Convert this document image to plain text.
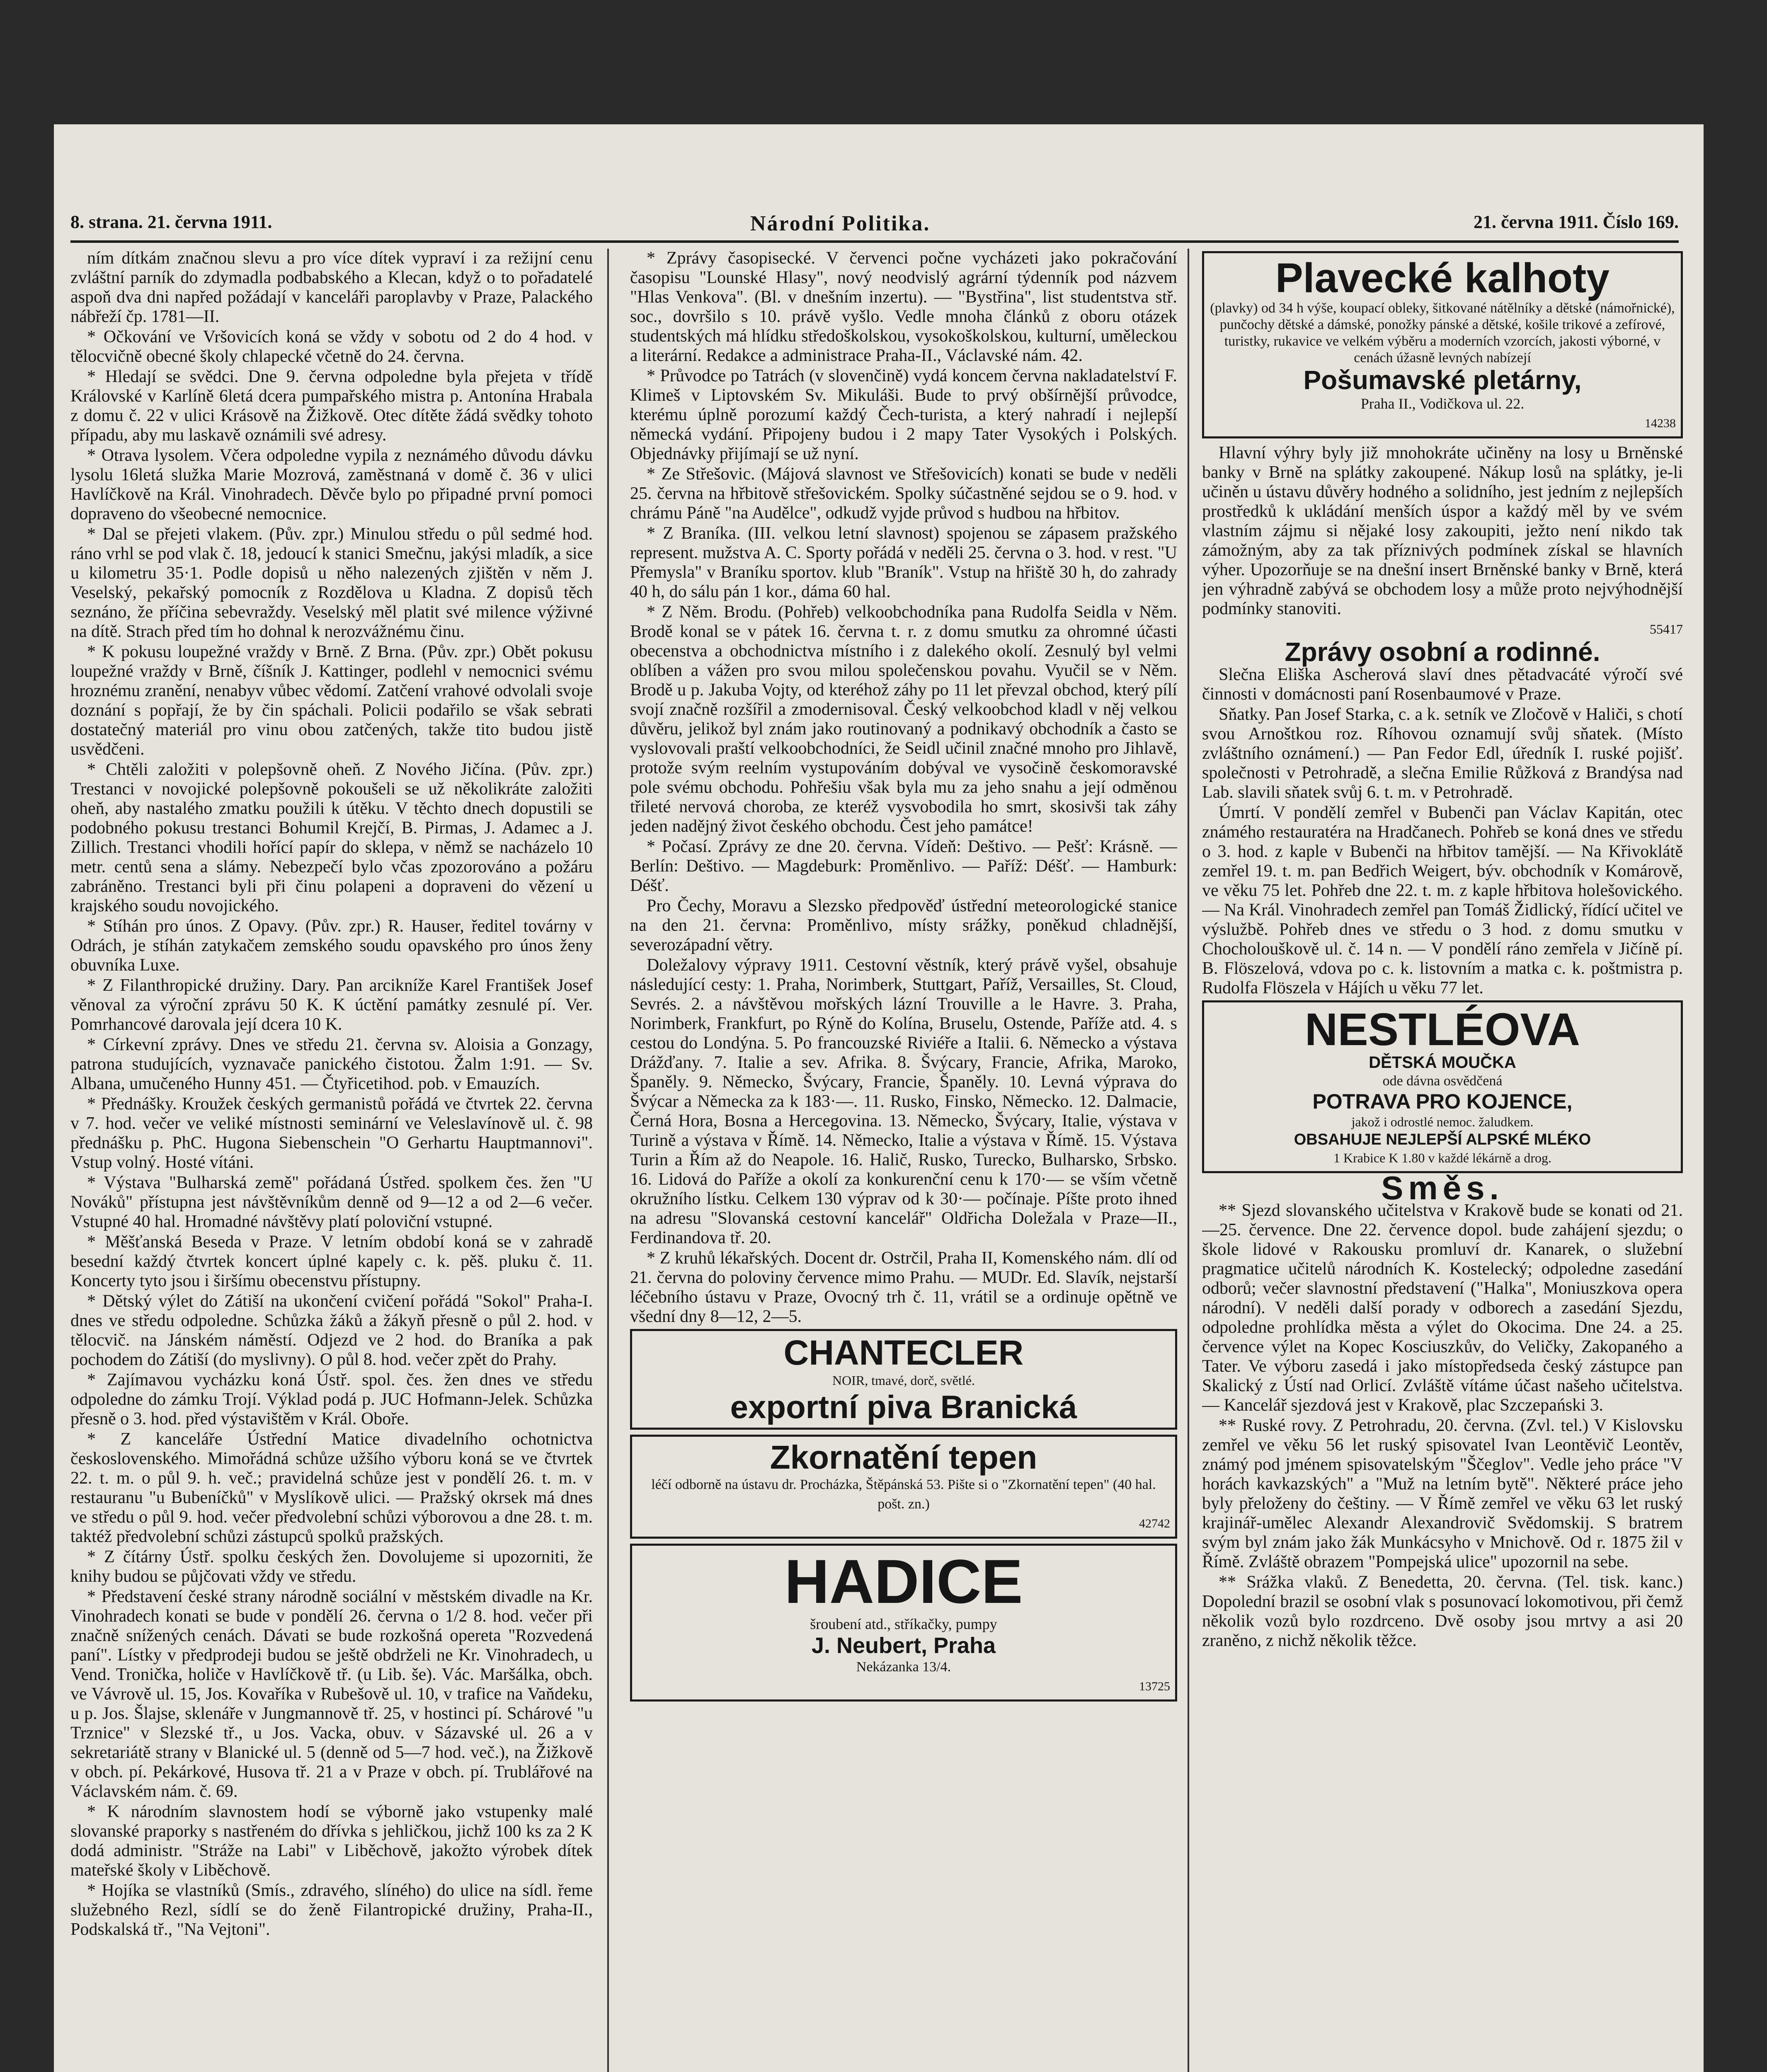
8. strana. 21. června 1911.	Národní Politika.	21. června 1911. Číslo 169.

ním dítkám značnou slevu a pro více dítek vypraví i za režijní cenu zvláštní parník do zdymadla podbabského a Klecan, když o to pořadatelé aspoň dva dni napřed požádají v kanceláři paroplavby v Praze, Palackého nábřeží čp. 1781—II.

* Očkování ve Vršovicích koná se vždy v sobotu od 2 do 4 hod. v tělocvičně obecné školy chlapecké včetně do 24. června.

* Hledají se svědci. Dne 9. června odpoledne byla přejeta v třídě Královské v Karlíně 6letá dcera pumpařského mistra p. Antonína Hrabala z domu č. 22 v ulici Krásově na Žižkově. Otec dítěte žádá svědky tohoto případu, aby mu laskavě oznámili své adresy.

* Otrava lysolem. Včera odpoledne vypila z neznámého důvodu dávku lysolu 16letá služka Marie Mozrová, zaměstnaná v domě č. 36 v ulici Havlíčkově na Král. Vinohradech. Děvče bylo po připadné první pomoci dopraveno do všeobecné nemocnice.

* Dal se přejeti vlakem. (Pův. zpr.) Minulou středu o půl sedmé hod. ráno vrhl se pod vlak č. 18, jedoucí k stanici Smečnu, jakýsi mladík, a sice u kilometru 35·1. Podle dopisů u něho nalezených zjištěn v něm J. Veselský, pekařský pomocník z Rozdělova u Kladna. Z dopisů těch seznáno, že příčina sebevraždy. Veselský měl platit své milence výživné na dítě. Strach před tím ho dohnal k nerozvážnému činu.

* K pokusu loupežné vraždy v Brně. Z Brna. (Pův. zpr.) Obět pokusu loupežné vraždy v Brně, číšník J. Kattinger, podlehl v nemocnici svému hroznému zranění, nenabyv vůbec vědomí. Zatčení vrahové odvolali svoje doznání s popřají, že by čin spáchali. Policii podařilo se však sebrati dostatečný materiál pro vinu obou zatčených, takže tito budou jistě usvědčeni.

* Chtěli založiti v polepšovně oheň. Z Nového Jičína. (Pův. zpr.) Trestanci v novojické polepšovně pokoušeli se už několikráte založiti oheň, aby nastalého zmatku použili k útěku. V těchto dnech dopustili se podobného pokusu trestanci Bohumil Krejčí, B. Pirmas, J. Adamec a J. Zillich. Trestanci vhodili hořící papír do sklepa, v němž se nacházelo 10 metr. centů sena a slámy. Nebezpečí bylo včas zpozorováno a požáru zabráněno. Trestanci byli při činu polapeni a dopraveni do vězení u krajského soudu novojického.

* Stíhán pro únos. Z Opavy. (Pův. zpr.) R. Hauser, ředitel továrny v Odrách, je stíhán zatykačem zemského soudu opavského pro únos ženy obuvníka Luxe.

* Z Filanthropické družiny. Dary. Pan arcikníže Karel František Josef věnoval za výroční zprávu 50 K. K úctění památky zesnulé pí. Ver. Pomrhancové darovala její dcera 10 K.

* Církevní zprávy. Dnes ve středu 21. června sv. Aloisia a Gonzagy, patrona studujících, vyznavače panického čistotou. Žalm 1:91. — Sv. Albana, umučeného Hunny 451. — Čtyřicetihod. pob. v Emauzích.

* Přednášky. Kroužek českých germanistů pořádá ve čtvrtek 22. června v 7. hod. večer ve veliké místnosti seminární ve Veleslavínově ul. č. 98 přednášku p. PhC. Hugona Siebenschein "O Gerhartu Hauptmannovi". Vstup volný. Hosté vítáni.

* Výstava "Bulharská země" pořádaná Ústřed. spolkem čes. žen "U Nováků" přístupna jest návštěvníkům denně od 9—12 a od 2—6 večer. Vstupné 40 hal. Hromadné návštěvy platí poloviční vstupné.

* Měšťanská Beseda v Praze. V letním období koná se v zahradě besední každý čtvrtek koncert úplné kapely c. k. pěš. pluku č. 11. Koncerty tyto jsou i širšímu obecenstvu přístupny.

* Dětský výlet do Zátiší na ukončení cvičení pořádá "Sokol" Praha-I. dnes ve středu odpoledne. Schůzka žáků a žákyň přesně o půl 2. hod. v tělocvič. na Jánském náměstí. Odjezd ve 2 hod. do Braníka a pak pochodem do Zátiší (do myslivny). O půl 8. hod. večer zpět do Prahy.

* Zajímavou vycházku koná Ústř. spol. čes. žen dnes ve středu odpoledne do zámku Trojí. Výklad podá p. JUC Hofmann-Jelek. Schůzka přesně o 3. hod. před výstavištěm v Král. Oboře.

* Z kanceláře Ústřední Matice divadelního ochotnictva československého. Mimořádná schůze užšího výboru koná se ve čtvrtek 22. t. m. o půl 9. h. več.; pravidelná schůze jest v pondělí 26. t. m. v restauranu "u Bubeníčků" v Myslíkově ulici. — Pražský okrsek má dnes ve středu o půl 9. hod. večer předvolební schůzi výborovou a dne 28. t. m. taktéž předvolební schůzi zástupců spolků pražských.

* Z čítárny Ústř. spolku českých žen. Dovolujeme si upozorniti, že knihy budou se půjčovati vždy ve středu.

* Představení české strany národně sociální v městském divadle na Kr. Vinohradech konati se bude v pondělí 26. června o 1/2 8. hod. večer při značně snížených cenách. Dávati se bude rozkošná opereta "Rozvedená paní". Lístky v předprodeji budou se ještě obdrželi ne Kr. Vinohradech, u Vend. Tronička, holiče v Havlíčkově tř. (u Lib. še). Vác. Maršálka, obch. ve Vávrově ul. 15, Jos. Kovaříka v Rubešově ul. 10, v trafice na Vaňdeku, u p. Jos. Šlajse, sklenáře v Jungmannově tř. 25, v hostinci pí. Schárové "u Trznice" v Slezské tř., u Jos. Vacka, obuv. v Sázavské ul. 26 a v sekretariátě strany v Blanické ul. 5 (denně od 5—7 hod. več.), na Žižkově v obch. pí. Pekárkové, Husova tř. 21 a v Praze v obch. pí. Trublářové na Václavském nám. č. 69.

* K národním slavnostem hodí se výborně jako vstupenky malé slovanské praporky s nastřeném do dřívka s jehličkou, jichž 100 ks za 2 K dodá administr. "Stráže na Labi" v Liběchově, jakožto výrobek dítek mateřské školy v Liběchově.

* Hojíka se vlastníků (Smís., zdravého, slíného) do ulice na sídl. řeme služebného Rezl, sídlí se do ženě Filantropické družiny, Praha-II., Podskalská tř., "Na Vejtoni".

* Zprávy časopisecké. V červenci počne vycházeti jako pokračování časopisu "Lounské Hlasy", nový neodvislý agrární týdenník pod názvem "Hlas Venkova". (Bl. v dnešním inzertu). — "Bystřina", list studentstva stř. soc., dovršilo s 10. právě vyšlo. Vedle mnoha článků z oboru otázek studentských má hlídku středoškolskou, vysokoškolskou, kulturní, uměleckou a literární. Redakce a administrace Praha-II., Václavské nám. 42.

* Průvodce po Tatrách (v slovenčině) vydá koncem června nakladatelství F. Klimeš v Liptovském Sv. Mikuláši. Bude to prvý obšírnější průvodce, kterému úplně porozumí každý Čech-turista, a který nahradí i nejlepší německá vydání. Připojeny budou i 2 mapy Tater Vysokých i Polských. Objednávky přijímají se už nyní.

* Ze Střešovic. (Májová slavnost ve Střešovicích) konati se bude v neděli 25. června na hřbitově střešovickém. Spolky súčastněné sejdou se o 9. hod. v chrámu Páně "na Audělce", odkudž vyjde průvod s hudbou na hřbitov.

* Z Braníka. (III. velkou letní slavnost) spojenou se zápasem pražského represent. mužstva A. C. Sporty pořádá v neděli 25. června o 3. hod. v rest. "U Přemysla" v Braníku sportov. klub "Braník". Vstup na hřiště 30 h, do zahrady 40 h, do sálu pán 1 kor., dáma 60 hal.

* Z Něm. Brodu. (Pohřeb) velkoobchodníka pana Rudolfa Seidla v Něm. Brodě konal se v pátek 16. června t. r. z domu smutku za ohromné účasti obecenstva a obchodnictva místního i z dalekého okolí. Zesnulý byl velmi oblíben a vážen pro svou milou společenskou povahu. Vyučil se v Něm. Brodě u p. Jakuba Vojty, od kteréhož záhy po 11 let převzal obchod, který pílí svojí značně rozšířil a zmodernisoval. Český velkoobchod kladl v něj velkou důvěru, jelikož byl znám jako routinovaný a podnikavý obchodník a často se vyslovovali praští velkoobchodníci, že Seidl učinil značné mnoho pro Jihlavě, protože svým reelním vystupováním dobýval ve vysočině českomoravské pole svému obchodu. Pohřešiu však byla mu za jeho snahu a její odměnou třileté nervová choroba, ze kteréž vysvobodila ho smrt, skosivši tak záhy jeden nadějný život českého obchodu. Čest jeho památce!

* Počasí. Zprávy ze dne 20. června. Vídeň: Deštivo. — Pešť: Krásně. — Berlín: Deštivo. — Magdeburk: Proměnlivo. — Paříž: Déšť. — Hamburk: Déšť.

Pro Čechy, Moravu a Slezsko předpověď ústřední meteorologické stanice na den 21. června: Proměnlivo, místy srážky, poněkud chladnější, severozápadní větry.

Doležalovy výpravy 1911. Cestovní věstník, který právě vyšel, obsahuje následující cesty: 1. Praha, Norimberk, Stuttgart, Paříž, Versailles, St. Cloud, Sevrés. 2. a návštěvou mořských lázní Trouville a le Havre. 3. Praha, Norimberk, Frankfurt, po Rýně do Kolína, Bruselu, Ostende, Paříže atd. 4. s cestou do Londýna. 5. Po francouzské Riviéře a Italii. 6. Německo a výstava Drážďany. 7. Italie a sev. Afrika. 8. Švýcary, Francie, Afrika, Maroko, Španěly. 9. Německo, Švýcary, Francie, Španěly. 10. Levná výprava do Švýcar a Německa za k 183·—. 11. Rusko, Finsko, Německo. 12. Dalmacie, Černá Hora, Bosna a Hercegovina. 13. Německo, Švýcary, Italie, výstava v Turině a výstava v Římě. 14. Německo, Italie a výstava v Římě. 15. Výstava Turin a Řím až do Neapole. 16. Halič, Rusko, Turecko, Bulharsko, Srbsko. 16. Lidová do Paříže a okolí za konkurenční cenu k 170·— se vším včetně okružního lístku. Celkem 130 výprav od k 30·— počínaje. Píšte proto ihned na adresu "Slovanská cestovní kancelář" Oldřicha Doležala v Praze—II., Ferdinandova tř. 20.

* Z kruhů lékařských. Docent dr. Ostrčil, Praha II, Komenského nám. dlí od 21. června do poloviny července mimo Prahu. — MUDr. Ed. Slavík, nejstarší léčebního ústavu v Praze, Ovocný trh č. 11, vrátil se a ordinuje opětně ve všední dny 8—12, 2—5.

CHANTECLER
NOIR, tmavé, dorč, světlé.
exportní piva Branická
Zkornatění tepen
léčí odborně na ústavu dr. Procházka, Štěpánská 53. Pište si o "Zkornatění tepen" (40 hal. pošt. zn.)
42742
HADICE
šroubení atd., stříkačky, pumpy
J. Neubert, Praha
Nekázanka 13/4.
13725
Plavecké kalhoty
(plavky) od 34 h výše, koupací obleky, šitkované nátělníky a dětské (námořnické), punčochy dětské a dámské, ponožky pánské a dětské, košile trikové a zefírové, turistky, rukavice ve velkém výběru a moderních vzorcích, jakosti výborné, v cenách úžasně levných nabízejí
Pošumavské pletárny,
Praha II., Vodičkova ul. 22.
14238

Hlavní výhry byly již mnohokráte učiněny na losy u Brněnské banky v Brně na splátky zakoupené. Nákup losů na splátky, je-li učiněn u ústavu důvěry hodného a solidního, jest jedním z nejlepších prostředků k ukládání menších úspor a každý měl by ve svém vlastním zájmu si nějaké losy zakoupiti, ježto není nikdo tak zámožným, aby za tak příznivých podmínek získal se hlavních výher. Upozorňuje se na dnešní insert Brněnské banky v Brně, která jen výhradně zabývá se obchodem losy a může proto nejvýhodnější podmínky stanoviti.

55417
Zprávy osobní a rodinné.

Slečna Eliška Ascherová slaví dnes pětadvacáté výročí své činnosti v domácnosti paní Rosenbaumové v Praze.

Sňatky. Pan Josef Starka, c. a k. setník ve Zločově v Haliči, s chotí svou Arnoštkou roz. Ríhovou oznamují svůj sňatek. (Místo zvláštního oznámení.) — Pan Fedor Edl, úředník I. ruské pojišť. společnosti v Petrohradě, a slečna Emilie Růžková z Brandýsa nad Lab. slavili sňatek svůj 6. t. m. v Petrohradě.

Úmrtí. V pondělí zemřel v Bubenči pan Václav Kapitán, otec známého restauratéra na Hradčanech. Pohřeb se koná dnes ve středu o 3. hod. z kaple v Bubenči na hřbitov tamější. — Na Křivoklátě zemřel 19. t. m. pan Bedřich Weigert, býv. obchodník v Komárově, ve věku 75 let. Pohřeb dne 22. t. m. z kaple hřbitova holešovického. — Na Král. Vinohradech zemřel pan Tomáš Židlický, řídící učitel ve výslužbě. Pohřeb dnes ve středu o 3 hod. z domu smutku v Chocholouškově ul. č. 14 n. — V pondělí ráno zemřela v Jičíně pí. B. Flöszelová, vdova po c. k. listovním a matka c. k. poštmistra p. Rudolfa Flöszela v Hájích u věku 77 let.

NESTLÉOVA
DĚTSKÁ MOUČKA
ode dávna osvědčená
POTRAVA PRO KOJENCE,
jakož i odrostlé nemoc. žaludkem.
OBSAHUJE NEJLEPŠÍ ALPSKÉ MLÉKO
1 Krabice K 1.80 v každé lékárně a drog.
Směs.

** Sjezd slovanského učitelstva v Krakově bude se konati od 21.—25. července. Dne 22. července dopol. bude zahájení sjezdu; o škole lidové v Rakousku promluví dr. Kanarek, o služební pragmatice učitelů národních K. Kostelecký; odpoledne zasedání odborů; večer slavnostní představení ("Halka", Moniuszkova opera národní). V neděli další porady v odborech a zasedání Sjezdu, odpoledne prohlídka města a výlet do Okocima. Dne 24. a 25. července výlet na Kopec Kosciuszkův, do Veličky, Zakopaného a Tater. Ve výboru zasedá i jako místopředseda český zástupce pan Skalický z Ústí nad Orlicí. Zvláště vítáme účast našeho učitelstva. — Kancelář sjezdová jest v Krakově, plac Szczepański 3.

** Ruské rovy. Z Petrohradu, 20. června. (Zvl. tel.) V Kislovsku zemřel ve věku 56 let ruský spisovatel Ivan Leontěvič Leontěv, známý pod jménem spisovatelským "Ščeglov". Vedle jeho práce "V horách kavkazských" a "Muž na letním bytě". Některé práce jeho byly přeloženy do češtiny. — V Římě zemřel ve věku 63 let ruský krajinář-umělec Alexandr Alexandrovič Svědomskij. S bratrem svým byl znám jako žák Munkácsyho v Mnichově. Od r. 1875 žil v Římě. Zvláště obrazem "Pompejská ulice" upozornil na sebe.

** Srážka vlaků. Z Benedetta, 20. června. (Tel. tisk. kanc.) Dopolední brazil se osobní vlak s posunovací lokomotivou, při čemž několik vozů bylo rozdrceno. Dvě osoby jsou mrtvy a asi 20 zraněno, z nichž několik těžce.
